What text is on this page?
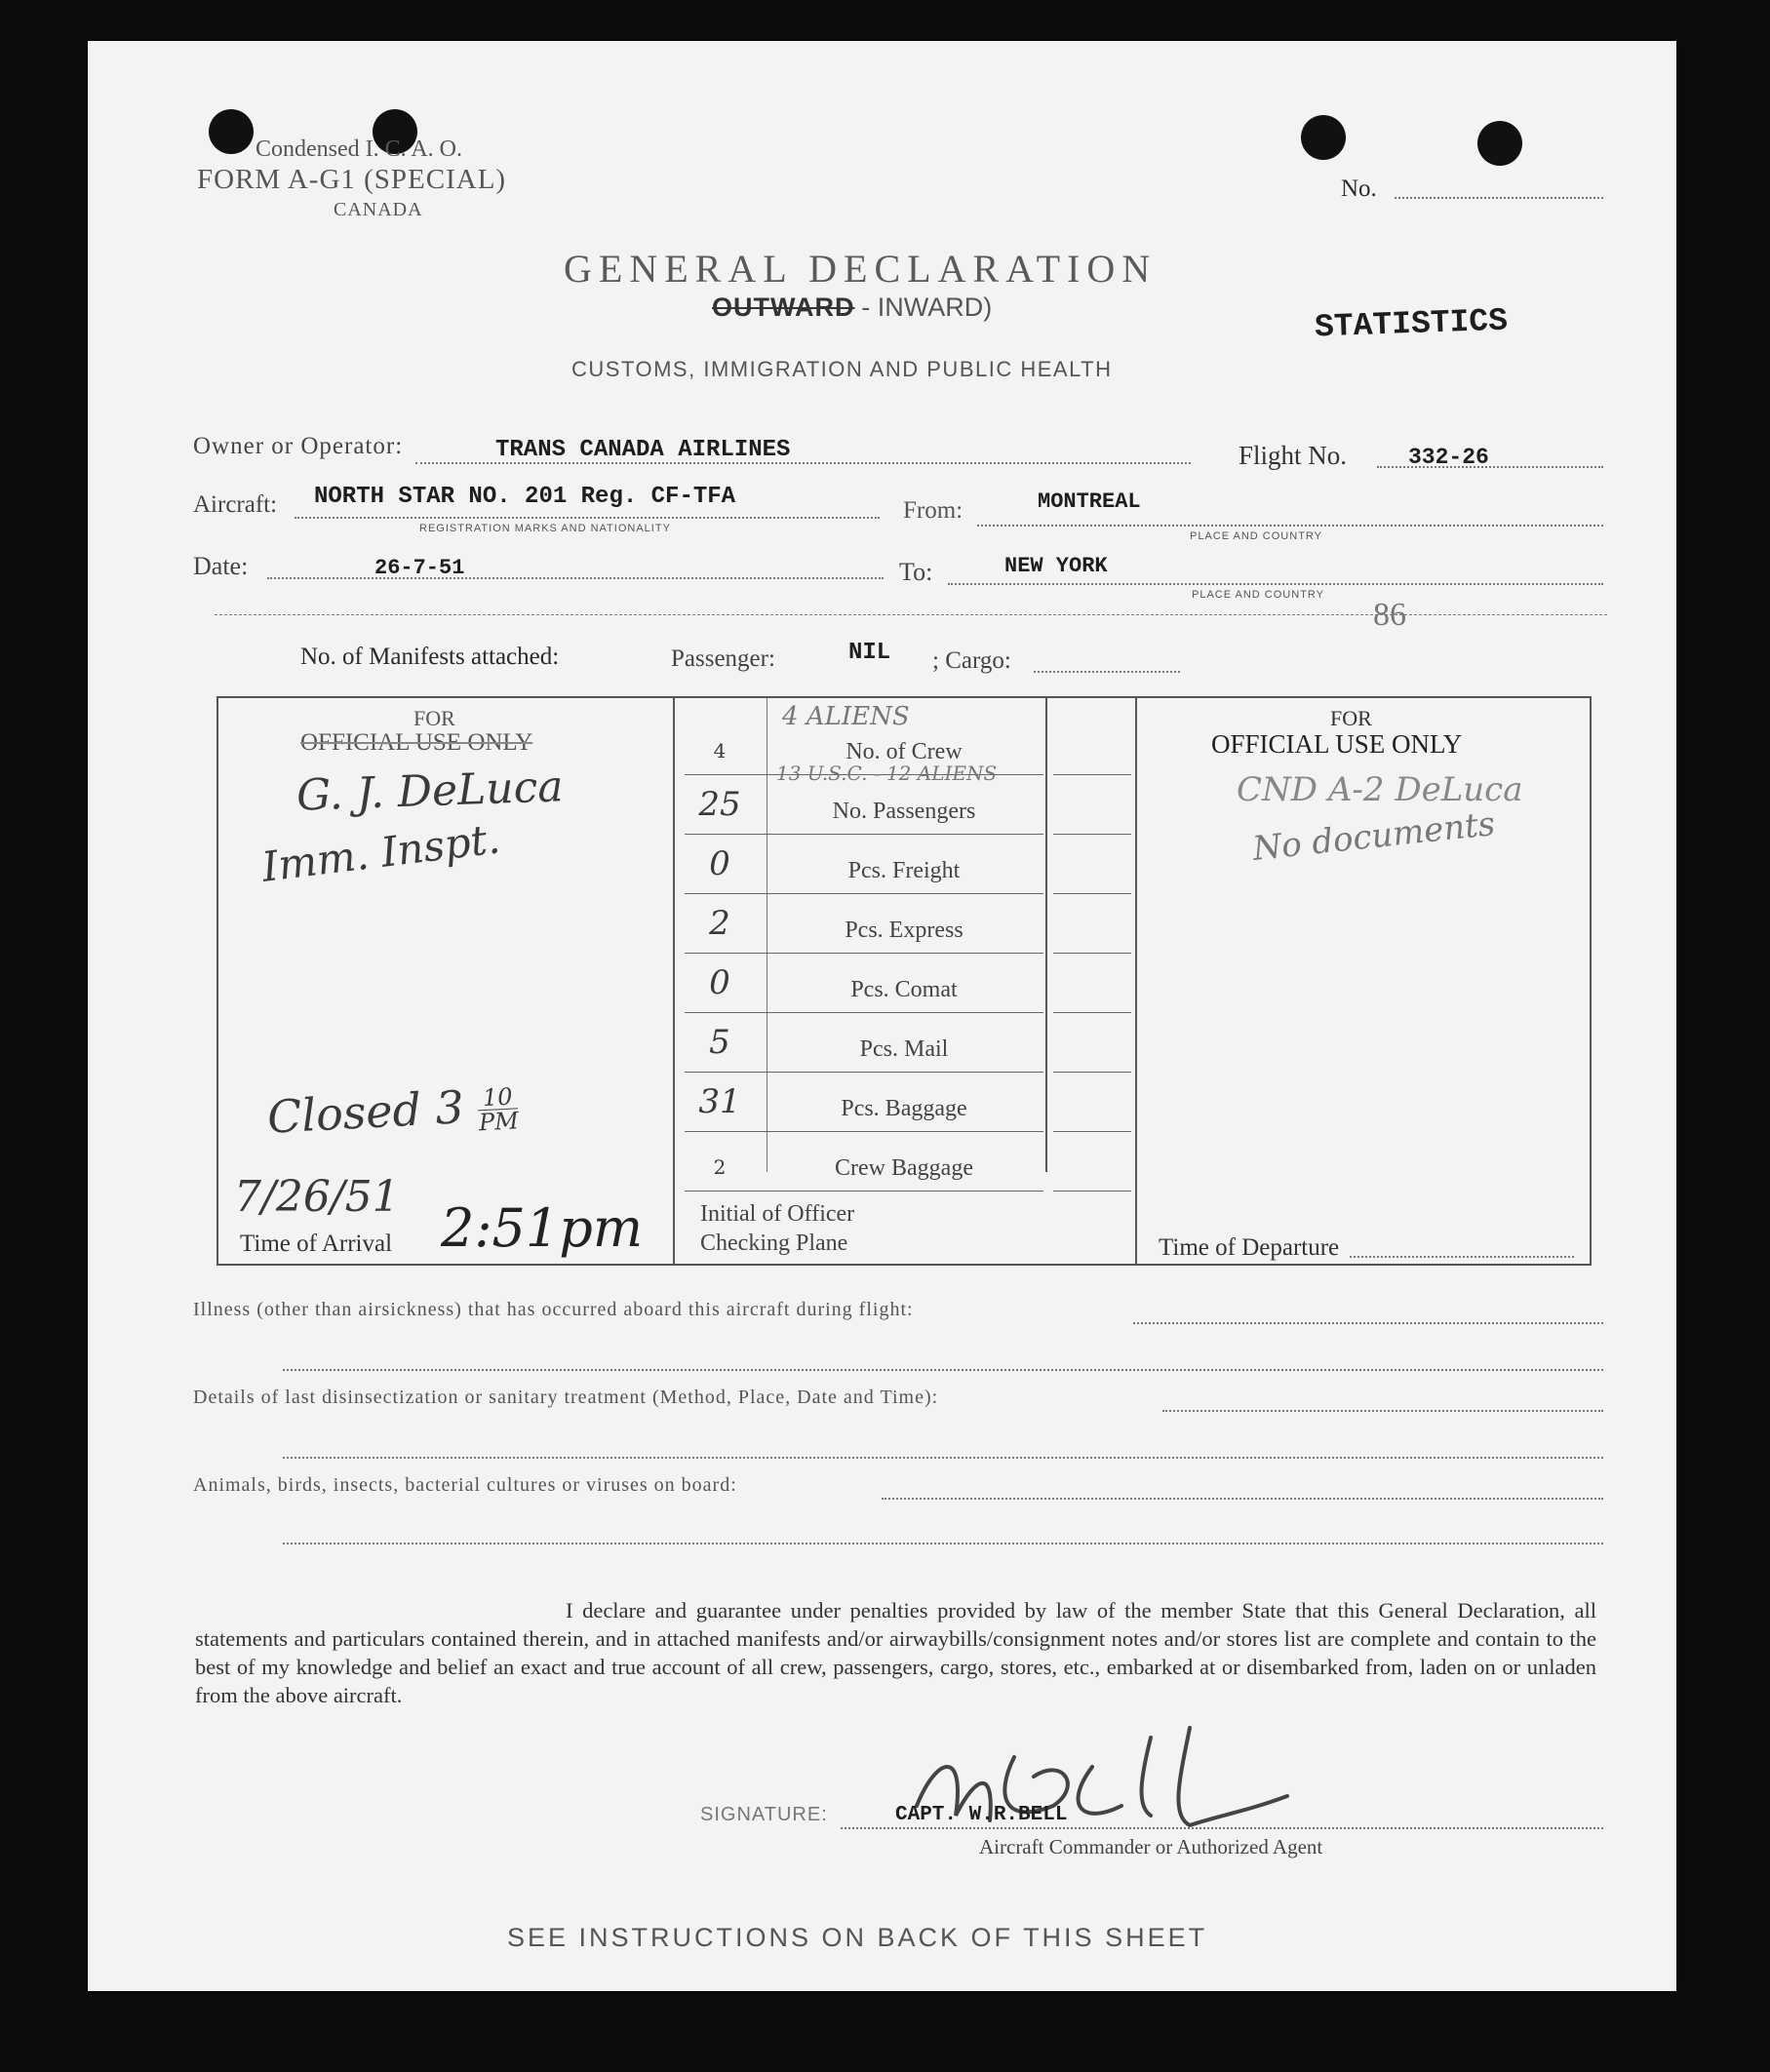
Condensed I. C. A. O.
FORM A-G1 (SPECIAL)
CANADA
No.
GENERAL DECLARATION
OUTWARD - INWARD)	STATISTICS
CUSTOMS, IMMIGRATION AND PUBLIC HEALTH
Owner or Operator:	TRANS CANADA AIRLINES	Flight No.	332-26
Aircraft: NORTH STAR NO. 201 Reg. CF-TFA
REGISTRATION MARKS AND NATIONALITY
From:	MONTREAL
PLACE AND COUNTRY
Date:	26-7-51	To:	NEW YORK
PLACE AND COUNTRY
86
No. of Manifests attached:	Passenger:	NIL ; Cargo:
FOR
OFFICIAL USE ONLY
G. J. DeLuca
Imm. Inspt.
Closed $3 \frac{10}{PM}$
7/26/51
Time of Arrival 2:51pm
4 ALIENS
4	No. of Crew
13 U.S.C. - 12 ALIENS
25	No. Passengers
0	Pcs. Freight
2	Pcs. Express
0	Pcs. Comat
5	Pcs. Mail
31	Pcs. Baggage
2	Crew Baggage
Initial of Officer
Checking Plane
FOR
OFFICIAL USE ONLY
CND A-2 DeLuca
No documents
Time of Departure
Illness (other than airsickness) that has occurred aboard this aircraft during flight:
Details of last disinsectization or sanitary treatment (Method, Place, Date and Time):
Animals, birds, insects, bacterial cultures or viruses on board:
I declare and guarantee under penalties provided by law of the member State that this General Declaration, all statements and particulars contained therein, and in attached manifests and/or airwaybills/consignment notes and/or stores list are complete and contain to the best of my knowledge and belief an exact and true account of all crew, passengers, cargo, stores, etc., embarked at or disembarked from, laden on or unladen from the above aircraft.
SIGNATURE:	CAPT. W.R.BELL
Aircraft Commander or Authorized Agent
SEE INSTRUCTIONS ON BACK OF THIS SHEET
